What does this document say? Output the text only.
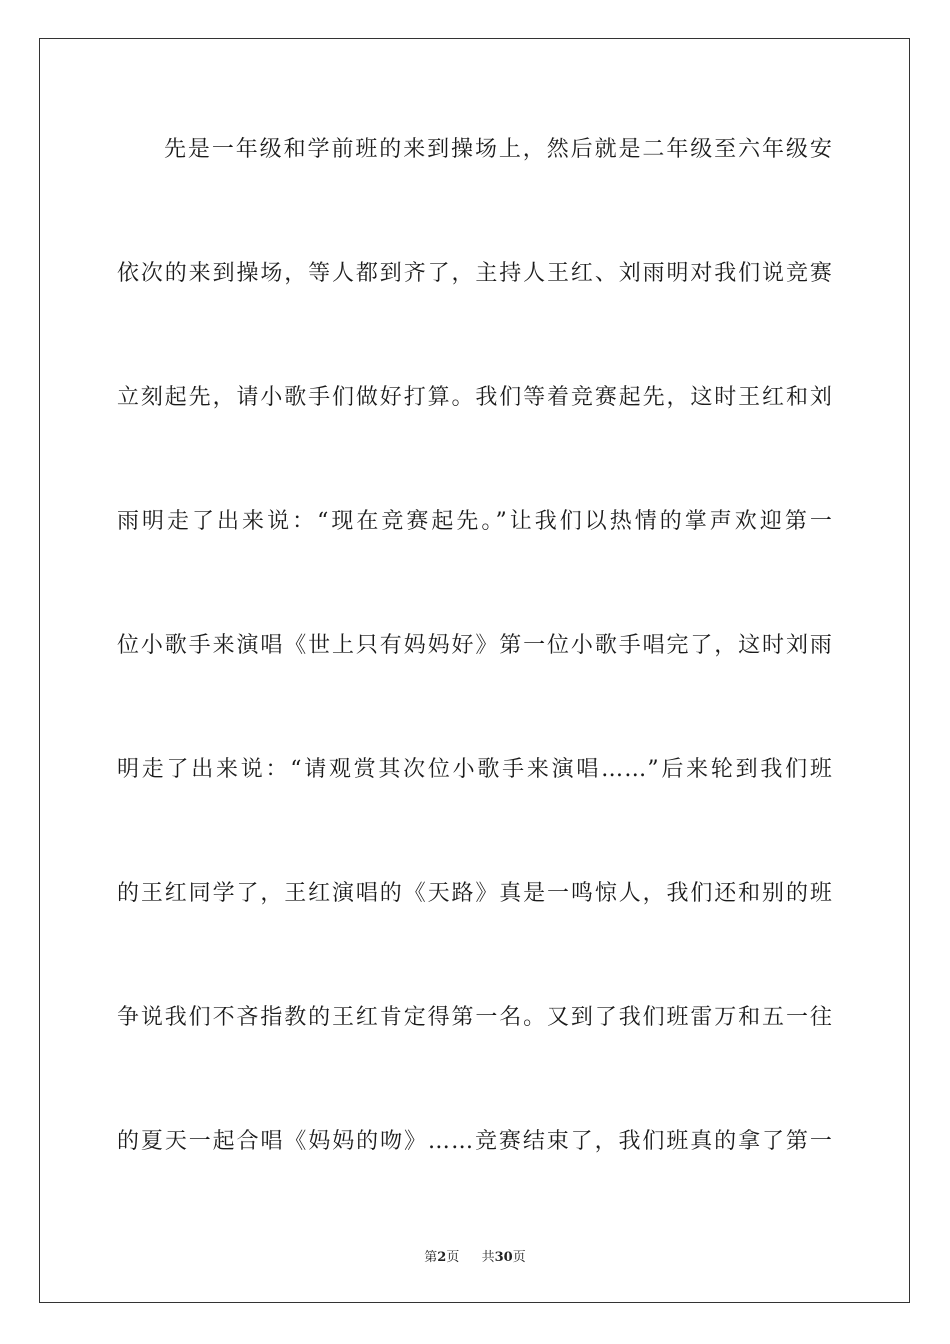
先是一年级和学前班的来到操场上，然后就是二年级至六年级安
依次的来到操场，等人都到齐了，主持人王红、刘雨明对我们说竞赛
立刻起先，请小歌手们做好打算。我们等着竞赛起先，这时王红和刘
雨明走了出来说：“现在竞赛起先。”让我们以热情的掌声欢迎第一
位小歌手来演唱《世上只有妈妈好》第一位小歌手唱完了，这时刘雨
明走了出来说：“请观赏其次位小歌手来演唱……”后来轮到我们班
的王红同学了，王红演唱的《天路》真是一鸣惊人，我们还和别的班
争说我们不吝指教的王红肯定得第一名。又到了我们班雷万和五一往
的夏天一起合唱《妈妈的吻》……竞赛结束了，我们班真的拿了第一
第2页 共30页
